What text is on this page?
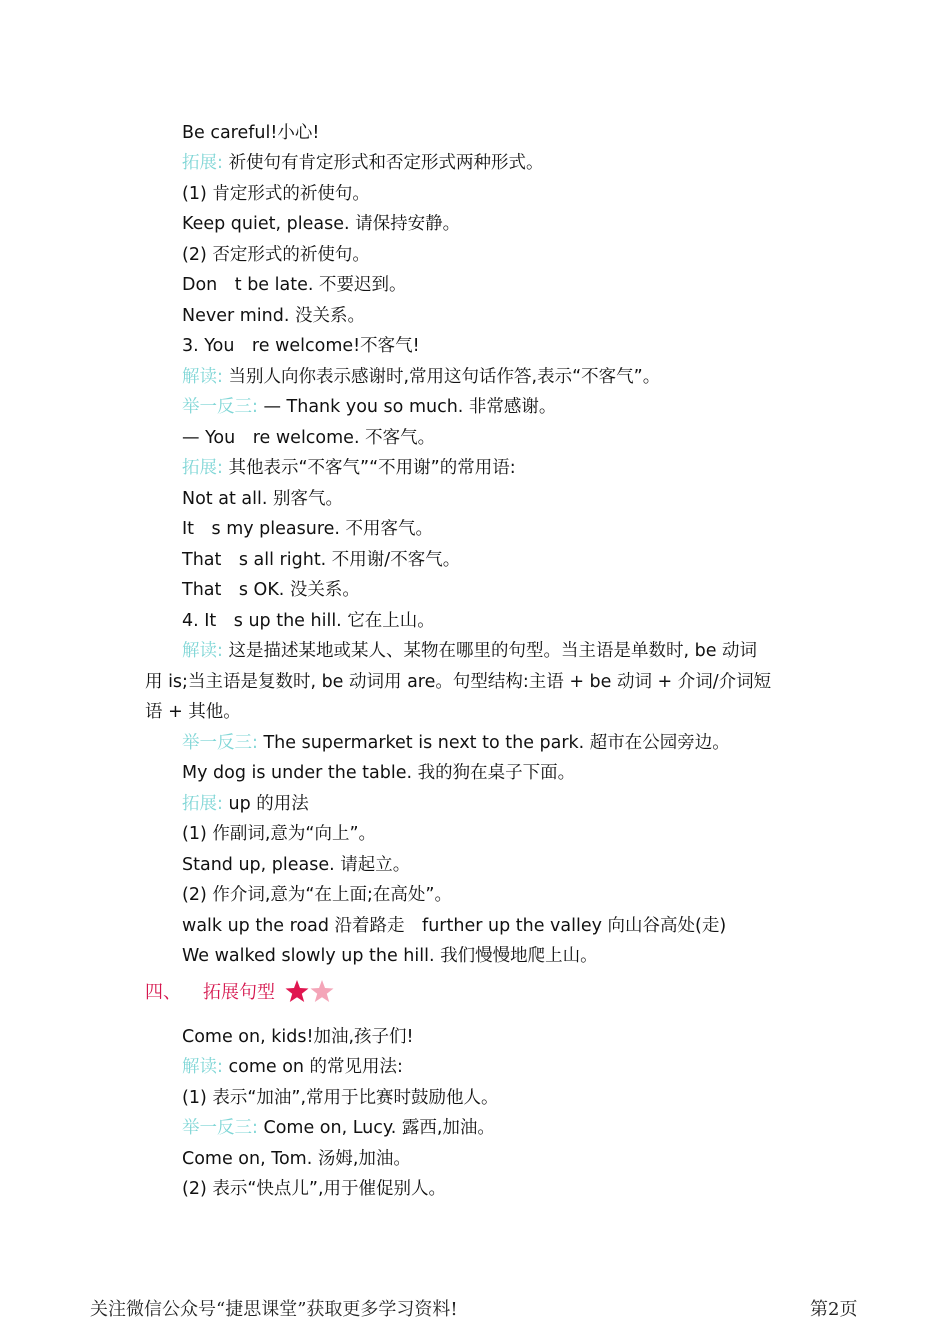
Be careful!小心!
拓展: 祈使句有肯定形式和否定形式两种形式。
(1) 肯定形式的祈使句。
Keep quiet, please. 请保持安静。
(2) 否定形式的祈使句。
Don　t be late. 不要迟到。
Never mind. 没关系。
3. You　re welcome!不客气!
解读: 当别人向你表示感谢时,常用这句话作答,表示“不客气”。
举一反三: — Thank you so much. 非常感谢。
— You　re welcome. 不客气。
拓展: 其他表示“不客气”“不用谢”的常用语:
Not at all. 别客气。
It　s my pleasure. 不用客气。
That　s all right. 不用谢/不客气。
That　s OK. 没关系。
4. It　s up the hill. 它在上山。
解读: 这是描述某地或某人、某物在哪里的句型。当主语是单数时, be 动词
用 is;当主语是复数时, be 动词用 are。句型结构:主语 + be 动词 + 介词/介词短
语 + 其他。
举一反三: The supermarket is next to the park. 超市在公园旁边。
My dog is under the table. 我的狗在桌子下面。
拓展: up 的用法
(1) 作副词,意为“向上”。
Stand up, please. 请起立。
(2) 作介词,意为“在上面;在高处”。
walk up the road 沿着路走　further up the valley 向山谷高处(走)
We walked slowly up the hill. 我们慢慢地爬上山。
四、 拓展句型
Come on, kids!加油,孩子们!
解读: come on 的常见用法:
(1) 表示“加油”,常用于比赛时鼓励他人。
举一反三: Come on, Lucy. 露西,加油。
Come on, Tom. 汤姆,加油。
(2) 表示“快点儿”,用于催促别人。
关注微信公众号“捷思课堂”获取更多学习资料!	第2页
